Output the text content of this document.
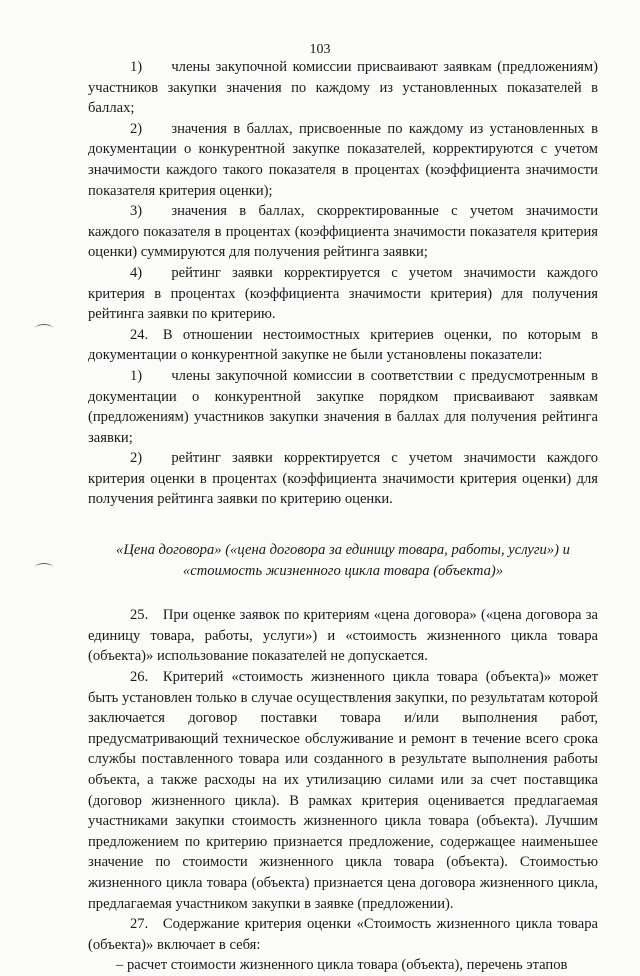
103

1)  члены закупочной комиссии присваивают заявкам (предложениям) участников закупки значения по каждому из установленных показателей в баллах;

2)  значения в баллах, присвоенные по каждому из установленных в документации о конкурентной закупке показателей, корректируются с учетом значимости каждого такого показателя в процентах (коэффициента значимости показателя критерия оценки);

3)  значения в баллах, скорректированные с учетом значимости каждого показателя в процентах (коэффициента значимости показателя критерия оценки) суммируются для получения рейтинга заявки;

4)  рейтинг заявки корректируется с учетом значимости каждого критерия в процентах (коэффициента значимости критерия) для получения рейтинга заявки по критерию.

24. В отношении нестоимостных критериев оценки, по которым в документации о конкурентной закупке не были установлены показатели:

1)  члены закупочной комиссии в соответствии с предусмотренным в документации о конкурентной закупке порядком присваивают заявкам (предложениям) участников закупки значения в баллах для получения рейтинга заявки;

2)  рейтинг заявки корректируется с учетом значимости каждого критерия оценки в процентах (коэффициента значимости критерия оценки) для получения рейтинга заявки по критерию оценки.

«Цена договора» («цена договора за единицу товара, работы, услуги») и «стоимость жизненного цикла товара (объекта)»

25. При оценке заявок по критериям «цена договора» («цена договора за единицу товара, работы, услуги») и «стоимость жизненного цикла товара (объекта)» использование показателей не допускается.

26. Критерий «стоимость жизненного цикла товара (объекта)» может быть установлен только в случае осуществления закупки, по результатам которой заключается договор поставки товара и/или выполнения работ, предусматривающий техническое обслуживание и ремонт в течение всего срока службы поставленного товара или созданного в результате выполнения работы объекта, а также расходы на их утилизацию силами или за счет поставщика (договор жизненного цикла). В рамках критерия оценивается предлагаемая участниками закупки стоимость жизненного цикла товара (объекта). Лучшим предложением по критерию признается предложение, содержащее наименьшее значение по стоимости жизненного цикла товара (объекта). Стоимостью жизненного цикла товара (объекта) признается цена договора жизненного цикла, предлагаемая участником закупки в заявке (предложении).

27. Содержание критерия оценки «Стоимость жизненного цикла товара (объекта)» включает в себя:

– расчет стоимости жизненного цикла товара (объекта), перечень этапов
